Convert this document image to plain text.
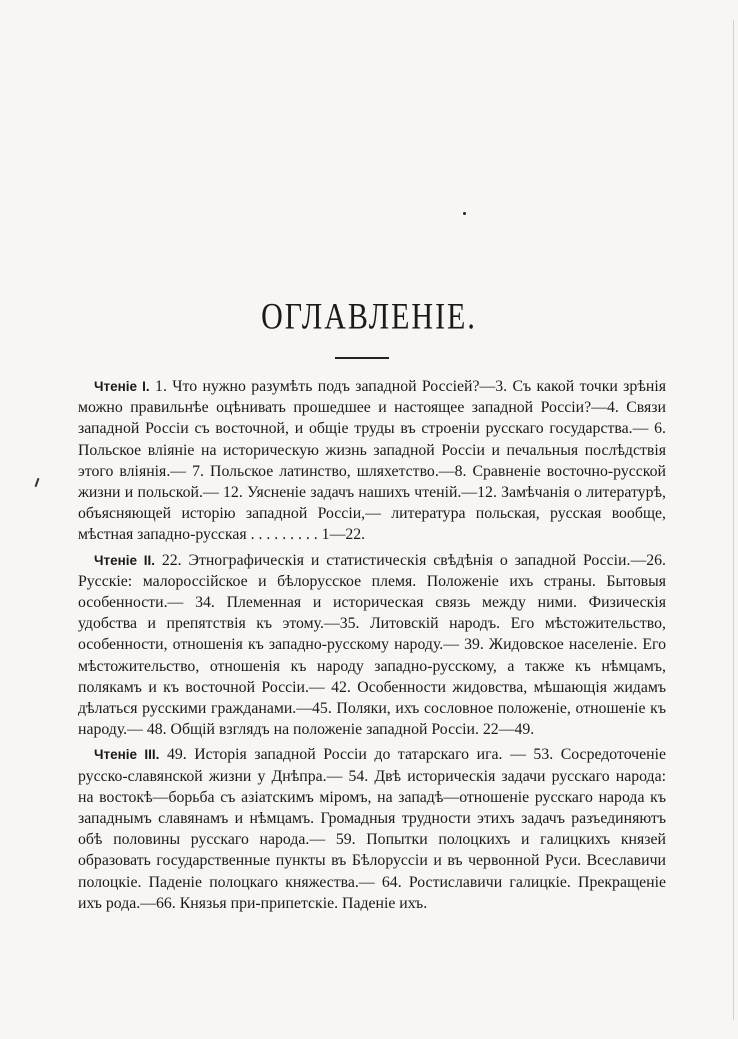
ОГЛАВЛЕНІЕ.

Чтеніе I. 1. Что нужно разумѣть подъ западной Россіей?—3. Съ какой точки зрѣнія можно правильнѣе оцѣнивать прошедшее и настоящее западной Россіи?—4. Связи западной Россіи съ восточной, и общіе труды въ строеніи русскаго государства.— 6. Польское вліяніе на историческую жизнь западной Россіи и печальныя послѣдствія этого вліянія.— 7. Польское латинство, шляхетство.—8. Сравненіе восточно-русской жизни и польской.— 12. Уясненіе задачъ нашихъ чтеній.—12. Замѣчанія о литературѣ, объясняющей исторію западной Россіи,— литература польская, русская вообще, мѣстная западно-русская . . . . . . . . . 1—22.

Чтеніе II. 22. Этнографическія и статистическія свѣдѣнія о западной Россіи.—26. Русскіе: малороссійское и бѣлорусское племя. Положеніе ихъ страны. Бытовыя особенности.— 34. Племенная и историческая связь между ними. Физическія удобства и препятствія къ этому.—35. Литовскій народъ. Его мѣстожительство, особенности, отношенія къ западно-русскому народу.— 39. Жидовское населеніе. Его мѣстожительство, отношенія къ народу западно-русскому, а также къ нѣмцамъ, полякамъ и къ восточной Россіи.— 42. Особенности жидовства, мѣшающія жидамъ дѣлаться русскими гражданами.—45. Поляки, ихъ сословное положеніе, отношеніе къ народу.— 48. Общій взглядъ на положеніе западной Россіи. 22—49.

Чтеніе III. 49. Исторія западной Россіи до татарскаго ига. — 53. Сосредоточеніе русско-славянской жизни у Днѣпра.— 54. Двѣ историческія задачи русскаго народа: на востокѣ—борьба съ азіатскимъ міромъ, на западѣ—отношеніе русскаго народа къ западнымъ славянамъ и нѣмцамъ. Громадныя трудности этихъ задачъ разъединяютъ обѣ половины русскаго народа.— 59. Попытки полоцкихъ и галицкихъ князей образовать государственные пункты въ Бѣлоруссіи и въ червонной Руси. Всеславичи полоцкіе. Паденіе полоцкаго княжества.— 64. Ростиславичи галицкіе. Прекращеніе ихъ рода.—66. Князья при-припетскіе. Паденіе ихъ.
